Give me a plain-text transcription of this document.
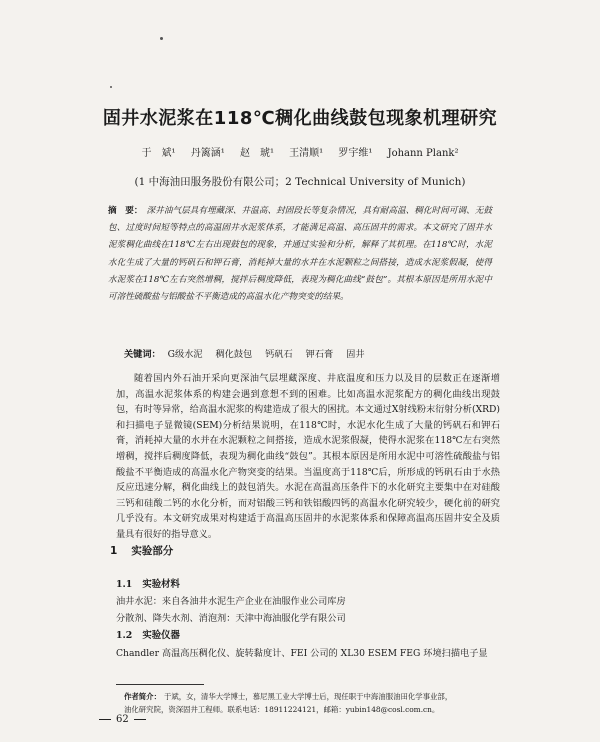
固井水泥浆在118℃稠化曲线鼓包现象机理研究
于　斌¹ 丹篱涵¹ 赵　琥¹ 王清顺¹ 罗宇维¹ Johann Plank²
(1 中海油田服务股份有限公司；2 Technical University of Munich)
摘　要： 深井油气层具有埋藏深、井温高、封固段长等复杂情况，具有耐高温、稠化时间可调、无鼓包、过度时间短等特点的高温固井水泥浆体系，才能满足高温、高压固井的需求。本文研究了固井水泥浆稠化曲线在118℃左右出现鼓包的现象，并通过实验和分析，解释了其机理。在118℃时，水泥水化生成了大量的钙矾石和钾石膏，消耗掉大量的水并在水泥颗粒之间搭接，造成水泥浆假凝，使得水泥浆在118℃左右突然增稠，搅拌后稠度降低，表现为稠化曲线“鼓包”。其根本原因是所用水泥中可溶性硫酸盐与铝酸盐不平衡造成的高温水化产物突变的结果。
关键词： G级水泥 稠化鼓包 钙矾石 钾石膏 固井
随着国内外石油开采向更深油气层埋藏深度、井底温度和压力以及目的层数正在逐渐增加，高温水泥浆体系的构建会遇到意想不到的困难。比如高温水泥浆配方的稠化曲线出现鼓包，有时等异常，给高温水泥浆的构建造成了很大的困扰。本文通过X射线粉末衍射分析(XRD)和扫描电子显微镜(SEM)分析结果说明，在118℃时，水泥水化生成了大量的钙矾石和钾石膏，消耗掉大量的水并在水泥颗粒之间搭接，造成水泥浆假凝，使得水泥浆在118℃左右突然增稠，搅拌后稠度降低，表现为稠化曲线“鼓包”。其根本原因是所用水泥中可溶性硫酸盐与铝酸盐不平衡造成的高温水化产物突变的结果。当温度高于118℃后，所形成的钙矾石由于水热反应迅速分解，稠化曲线上的鼓包消失。水泥在高温高压条件下的水化研究主要集中在对硅酸三钙和硅酸二钙的水化分析，而对铝酸三钙和铁铝酸四钙的高温水化研究较少，硬化前的研究几乎没有。本文研究成果对构建适于高温高压固井的水泥浆体系和保障高温高压固井安全及质量具有很好的指导意义。
1 实验部分
1.1 实验材料
油井水泥：来自各油井水泥生产企业在油服作业公司库房
分散剂、降失水剂、消泡剂：天津中海油服化学有限公司
1.2 实验仪器
Chandler 高温高压稠化仪、旋转黏度计、FEI 公司的 XL30 ESEM FEG 环境扫描电子显
作者简介： 于斌，女，清华大学博士，慕尼黑工业大学博士后，现任职于中海油服油田化学事业部，
油化研究院，资深固井工程师。联系电话：18911224121，邮箱：yubin148@cosl.com.cn。
62
